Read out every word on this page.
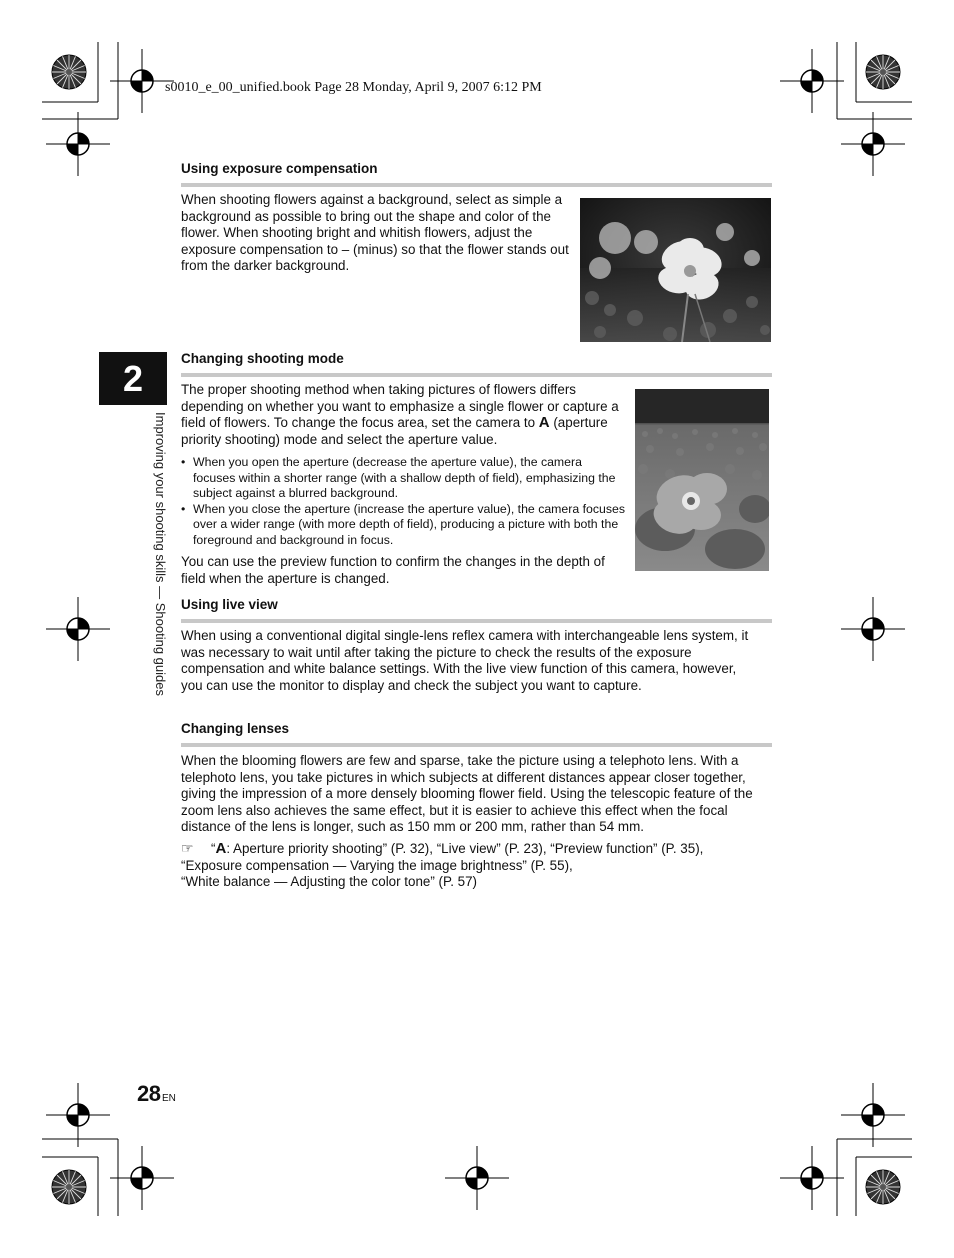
s0010_e_00_unified.book Page 28 Monday, April 9, 2007 6:12 PM
2
Improving your shooting skills — Shooting guides
Using exposure compensation

When shooting flowers against a background, select as simple a background as possible to bring out the shape and color of the flower. When shooting bright and whitish flowers, adjust the exposure compensation to – (minus) so that the flower stands out from the darker background.

Changing shooting mode

The proper shooting method when taking pictures of flowers differs depending on whether you want to emphasize a single flower or capture a field of flowers. To change the focus area, set the camera to A (aperture priority shooting) mode and select the aperture value.

• When you open the aperture (decrease the aperture value), the camera focuses within a shorter range (with a shallow depth of field), emphasizing the subject against a blurred background.
• When you close the aperture (increase the aperture value), the camera focuses over a wider range (with more depth of field), producing a picture with both the foreground and background in focus.

You can use the preview function to confirm the changes in the depth of field when the aperture is changed.

Using live view

When using a conventional digital single-lens reflex camera with interchangeable lens system, it was necessary to wait until after taking the picture to check the results of the exposure compensation and white balance settings. With the live view function of this camera, however, you can use the monitor to display and check the subject you want to capture.

Changing lenses

When the blooming flowers are few and sparse, take the picture using a telephoto lens. With a telephoto lens, you take pictures in which subjects at different distances appear closer together, giving the impression of a more densely blooming flower field. Using the telescopic feature of the zoom lens also achieves the same effect, but it is easier to achieve this effect when the focal distance of the lens is longer, such as 150 mm or 200 mm, rather than 54 mm.

☞ “A: Aperture priority shooting” (P. 32), “Live view” (P. 23), “Preview function” (P. 35),
“Exposure compensation — Varying the image brightness” (P. 55),
“White balance — Adjusting the color tone” (P. 57)
28 EN
